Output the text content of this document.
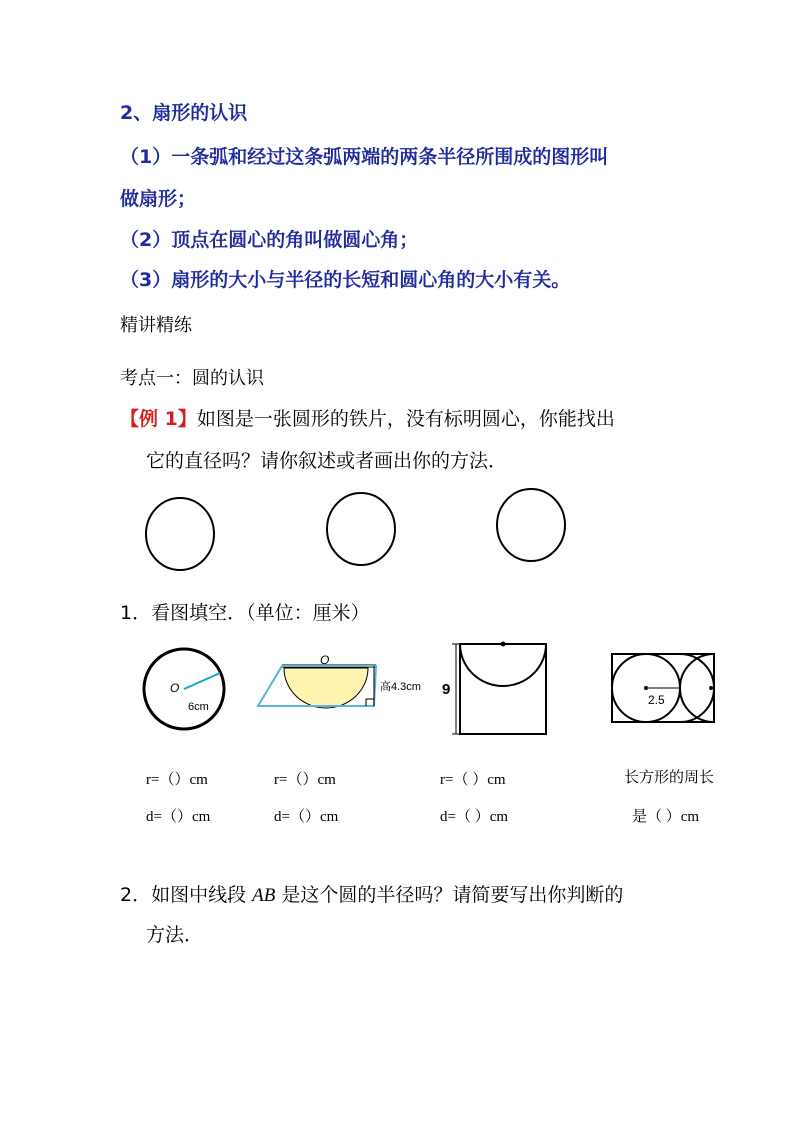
2、扇形的认识
（1）一条弧和经过这条弧两端的两条半径所围成的图形叫
做扇形；
（2）顶点在圆心的角叫做圆心角；
（3）扇形的大小与半径的长短和圆心角的大小有关。
精讲精练
考点一：圆的认识
【例 1】如图是一张圆形的铁片，没有标明圆心，你能找出
它的直径吗？请你叙述或者画出你的方法．
1．看图填空．（单位：厘米）
O
6cm
O
高4.3cm 9
2.5
r=（）cm
d=（）cm
r=（）cm
d=（）cm
r=（ ）cm
d=（ ）cm
长方形的周长
是（ ）cm
2．如图中线段 AB 是这个圆的半径吗？请简要写出你判断的
方法．
